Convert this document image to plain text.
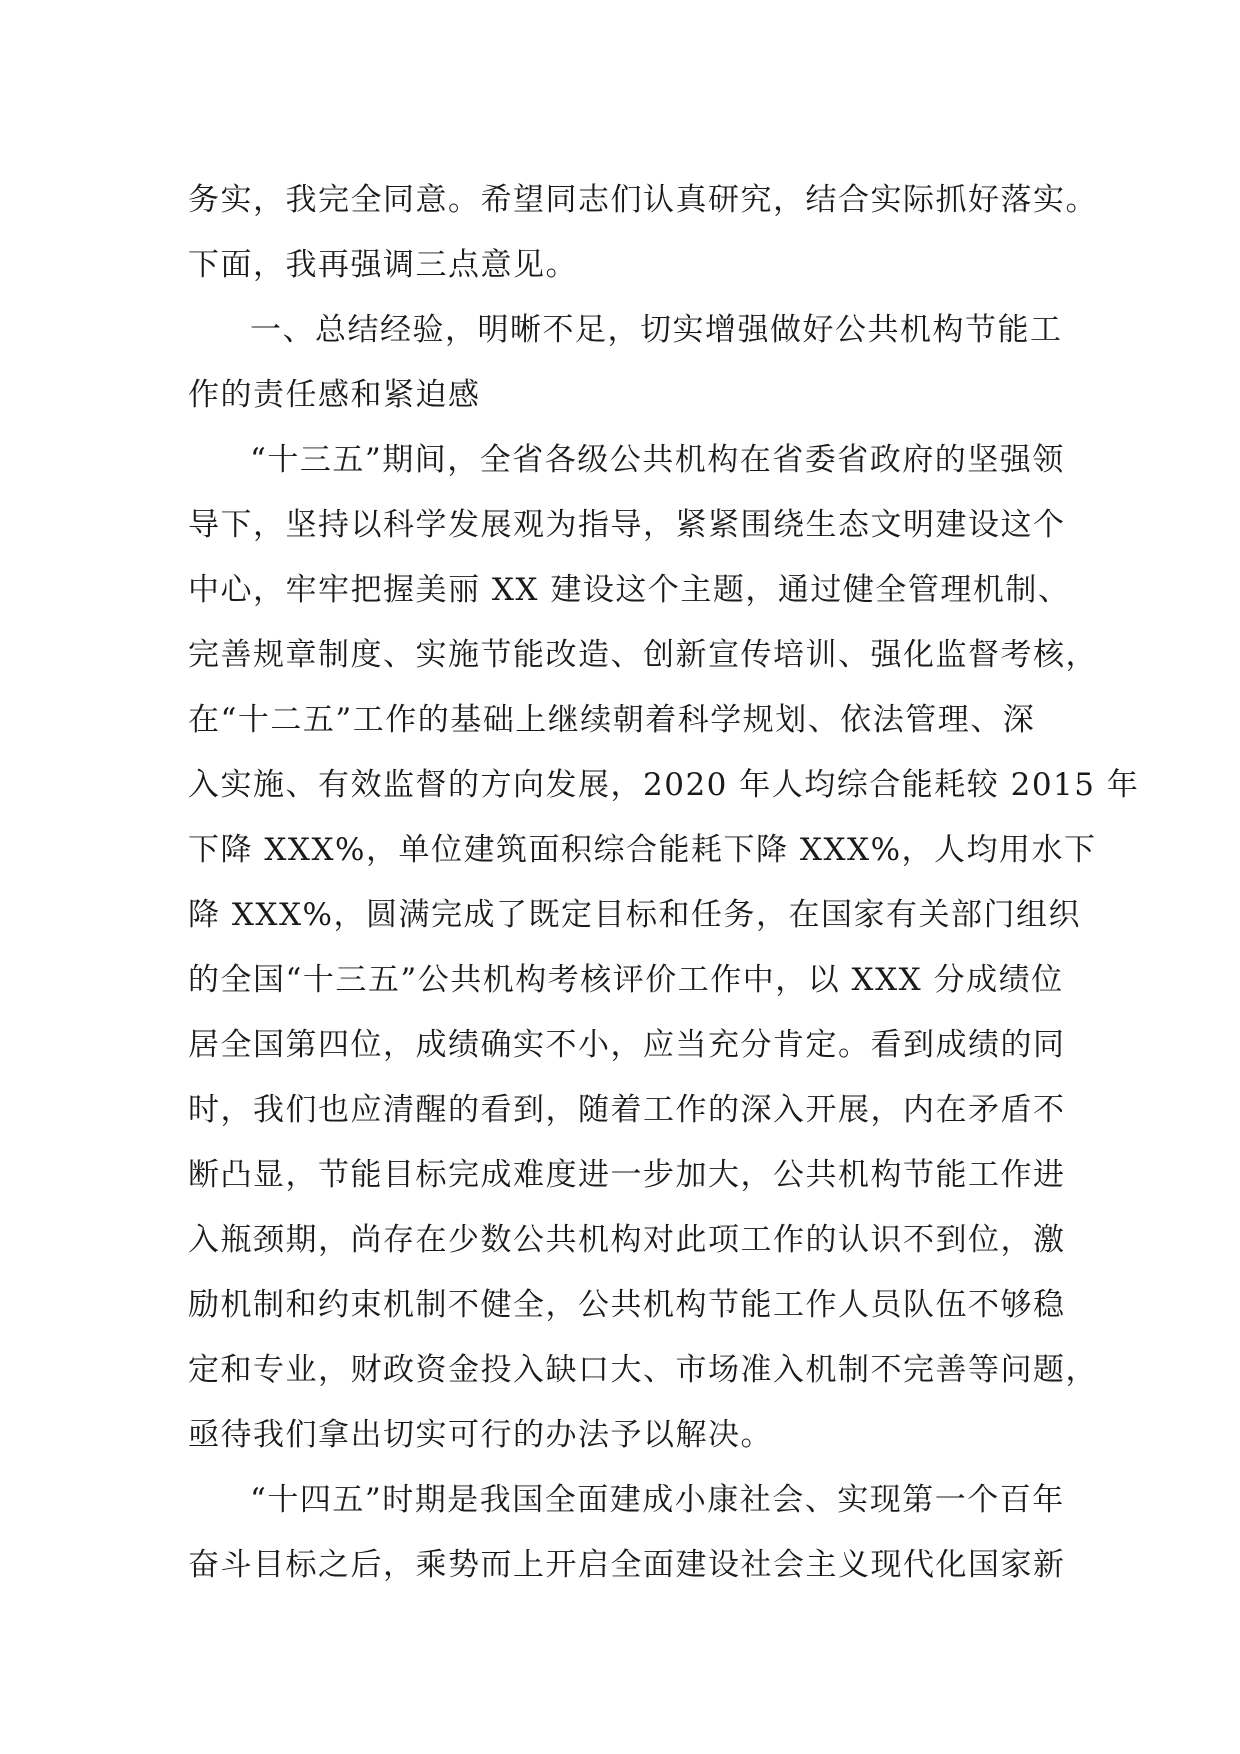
务实，我完全同意。希望同志们认真研究，结合实际抓好落实。
下面，我再强调三点意见。
一、总结经验，明晰不足，切实增强做好公共机构节能工
作的责任感和紧迫感
“十三五”期间，全省各级公共机构在省委省政府的坚强领
导下，坚持以科学发展观为指导，紧紧围绕生态文明建设这个
中心，牢牢把握美丽 XX 建设这个主题，通过健全管理机制、
完善规章制度、实施节能改造、创新宣传培训、强化监督考核，
在“十二五”工作的基础上继续朝着科学规划、依法管理、深
入实施、有效监督的方向发展，2020 年人均综合能耗较 2015 年
下降 XXX%，单位建筑面积综合能耗下降 XXX%，人均用水下
降 XXX%，圆满完成了既定目标和任务，在国家有关部门组织
的全国“十三五”公共机构考核评价工作中，以 XXX 分成绩位
居全国第四位，成绩确实不小，应当充分肯定。看到成绩的同
时，我们也应清醒的看到，随着工作的深入开展，内在矛盾不
断凸显，节能目标完成难度进一步加大，公共机构节能工作进
入瓶颈期，尚存在少数公共机构对此项工作的认识不到位，激
励机制和约束机制不健全，公共机构节能工作人员队伍不够稳
定和专业，财政资金投入缺口大、市场准入机制不完善等问题，
亟待我们拿出切实可行的办法予以解决。
“十四五”时期是我国全面建成小康社会、实现第一个百年
奋斗目标之后，乘势而上开启全面建设社会主义现代化国家新
